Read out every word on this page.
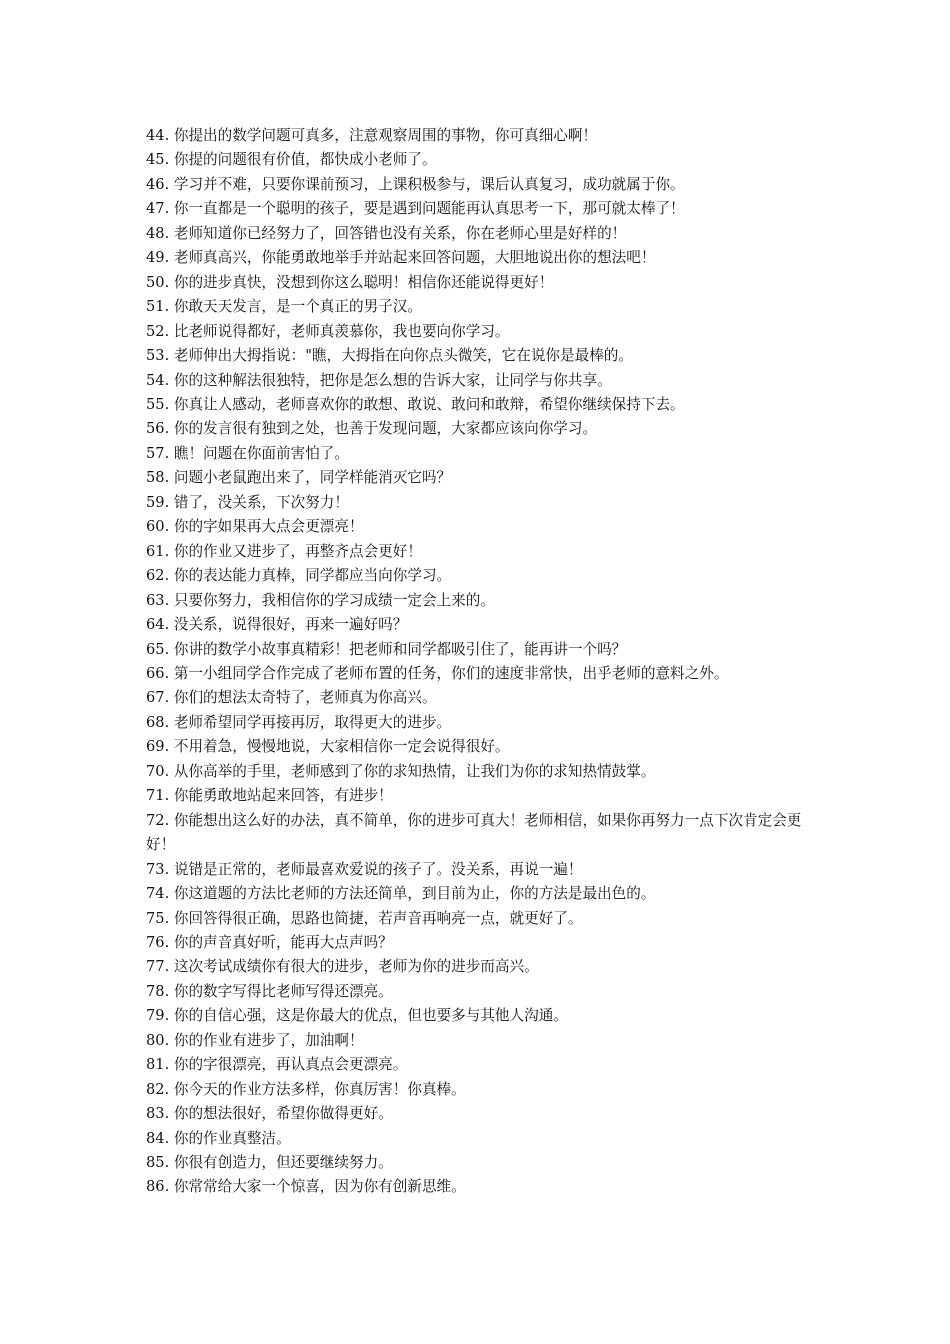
44. 你提出的数学问题可真多，注意观察周围的事物，你可真细心啊！
45. 你提的问题很有价值，都快成小老师了。
46. 学习并不难，只要你课前预习，上课积极参与，课后认真复习，成功就属于你。
47. 你一直都是一个聪明的孩子，要是遇到问题能再认真思考一下，那可就太棒了！
48. 老师知道你已经努力了，回答错也没有关系，你在老师心里是好样的！
49. 老师真高兴，你能勇敢地举手并站起来回答问题，大胆地说出你的想法吧！
50. 你的进步真快，没想到你这么聪明！相信你还能说得更好！
51. 你敢天天发言，是一个真正的男子汉。
52. 比老师说得都好，老师真羡慕你，我也要向你学习。
53. 老师伸出大拇指说："瞧，大拇指在向你点头微笑，它在说你是最棒的。
54. 你的这种解法很独特，把你是怎么想的告诉大家，让同学与你共享。
55. 你真让人感动，老师喜欢你的敢想、敢说、敢问和敢辩，希望你继续保持下去。
56. 你的发言很有独到之处，也善于发现问题，大家都应该向你学习。
57. 瞧！问题在你面前害怕了。
58. 问题小老鼠跑出来了，同学样能消灭它吗？
59. 错了，没关系，下次努力！
60. 你的字如果再大点会更漂亮！
61. 你的作业又进步了，再整齐点会更好！
62. 你的表达能力真棒，同学都应当向你学习。
63. 只要你努力，我相信你的学习成绩一定会上来的。
64. 没关系，说得很好，再来一遍好吗？
65. 你讲的数学小故事真精彩！把老师和同学都吸引住了，能再讲一个吗？
66. 第一小组同学合作完成了老师布置的任务，你们的速度非常快，出乎老师的意料之外。
67. 你们的想法太奇特了，老师真为你高兴。
68. 老师希望同学再接再厉，取得更大的进步。
69. 不用着急，慢慢地说，大家相信你一定会说得很好。
70. 从你高举的手里，老师感到了你的求知热情，让我们为你的求知热情鼓掌。
71. 你能勇敢地站起来回答，有进步！
72. 你能想出这么好的办法，真不简单，你的进步可真大！老师相信，如果你再努力一点下次肯定会更好！
73. 说错是正常的，老师最喜欢爱说的孩子了。没关系，再说一遍！
74. 你这道题的方法比老师的方法还简单，到目前为止，你的方法是最出色的。
75. 你回答得很正确，思路也简捷，若声音再响亮一点，就更好了。
76. 你的声音真好听，能再大点声吗？
77. 这次考试成绩你有很大的进步，老师为你的进步而高兴。
78. 你的数字写得比老师写得还漂亮。
79. 你的自信心强，这是你最大的优点，但也要多与其他人沟通。
80. 你的作业有进步了，加油啊！
81. 你的字很漂亮，再认真点会更漂亮。
82. 你今天的作业方法多样，你真厉害！你真棒。
83. 你的想法很好，希望你做得更好。
84. 你的作业真整洁。
85. 你很有创造力，但还要继续努力。
86. 你常常给大家一个惊喜，因为你有创新思维。
